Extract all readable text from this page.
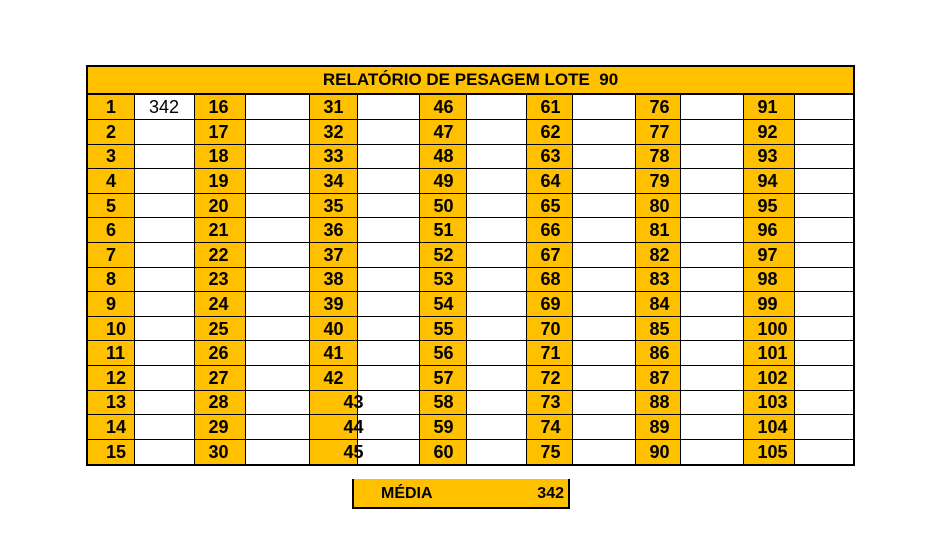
RELATÓRIO DE PESAGEM LOTE  90
1	342	16		31		46		61		76		91	
2		17		32		47		62		77		92	
3		18		33		48		63		78		93	
4		19		34		49		64		79		94	
5		20		35		50		65		80		95	
6		21		36		51		66		81		96	
7		22		37		52		67		82		97	
8		23		38		53		68		83		98	
9		24		39		54		69		84		99	
10		25		40		55		70		85		100	
11		26		41		56		71		86		101	
12		27		42		57		72		87		102	
13		28		43		58		73		88		103	
14		29		44		59		74		89		104	
15		30		45		60		75		90		105	
MÉDIA	342
